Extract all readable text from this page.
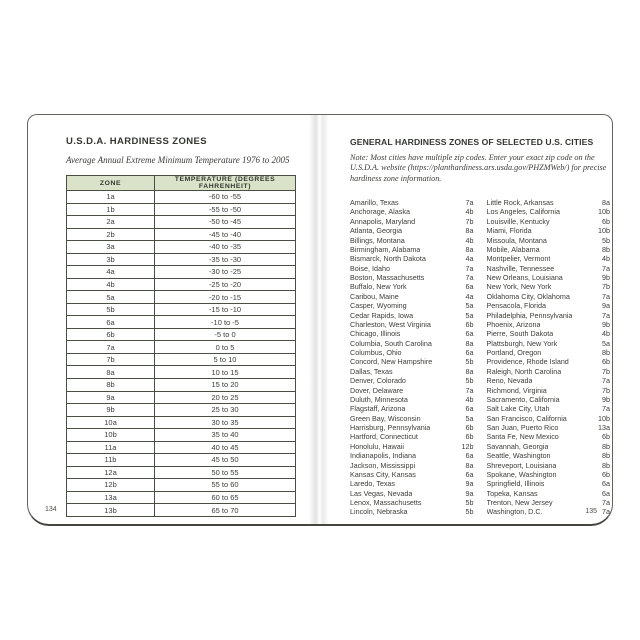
U.S.D.A. HARDINESS ZONES
Average Annual Extreme Minimum Temperature 1976 to 2005
ZONE	TEMPERATURE (DEGREES FAHRENHEIT)
1a	-60 to -55
1b	-55 to -50
2a	-50 to -45
2b	-45 to -40
3a	-40 to -35
3b	-35 to -30
4a	-30 to -25
4b	-25 to -20
5a	-20 to -15
5b	-15 to -10
6a	-10 to -5
6b	-5 to 0
7a	0 to 5
7b	5 to 10
8a	10 to 15
8b	15 to 20
9a	20 to 25
9b	25 to 30
10a	30 to 35
10b	35 to 40
11a	40 to 45
11b	45 to 50
12a	50 to 55
12b	55 to 60
13a	60 to 65
13b	65 to 70
134
GENERAL HARDINESS ZONES OF SELECTED U.S. CITIES
Note: Most cities have multiple zip codes. Enter your exact zip code on the U.S.D.A. website (https://planthardiness.ars.usda.gov/PHZMWeb/) for precise hardiness zone information.
Amarillo, Texas	7a
Anchorage, Alaska	4b
Annapolis, Maryland	7b
Atlanta, Georgia	8a
Billings, Montana	4b
Birmingham, Alabama	8a
Bismarck, North Dakota	4a
Boise, Idaho	7a
Boston, Massachusetts	7a
Buffalo, New York	6a
Caribou, Maine	4a
Casper, Wyoming	5a
Cedar Rapids, Iowa	5a
Charleston, West Virginia	6b
Chicago, Illinois	6a
Columbia, South Carolina	8a
Columbus, Ohio	6a
Concord, New Hampshire	5b
Dallas, Texas	8a
Denver, Colorado	5b
Dover, Delaware	7a
Duluth, Minnesota	4b
Flagstaff, Arizona	6a
Green Bay, Wisconsin	5a
Harrisburg, Pennsylvania	6b
Hartford, Connecticut	6b
Honolulu, Hawaii	12b
Indianapolis, Indiana	6a
Jackson, Mississippi	8a
Kansas City, Kansas	6a
Laredo, Texas	9a
Las Vegas, Nevada	9a
Lenox, Massachusetts	5b
Lincoln, Nebraska	5b
Little Rock, Arkansas	8a
Los Angeles, California	10b
Louisville, Kentucky	6b
Miami, Florida	10b
Missoula, Montana	5b
Mobile, Alabama	8b
Montpelier, Vermont	4b
Nashville, Tennessee	7a
New Orleans, Louisiana	9b
New York, New York	7b
Oklahoma City, Oklahoma	7a
Pensacola, Florida	9a
Philadelphia, Pennsylvania	7a
Phoenix, Arizona	9b
Pierre, South Dakota	4b
Plattsburgh, New York	5a
Portland, Oregon	8b
Providence, Rhode Island	6b
Raleigh, North Carolina	7b
Reno, Nevada	7a
Richmond, Virginia	7b
Sacramento, California	9b
Salt Lake City, Utah	7a
San Francisco, California	10b
San Juan, Puerto Rico	13a
Santa Fe, New Mexico	6b
Savannah, Georgia	8b
Seattle, Washington	8b
Shreveport, Louisiana	8b
Spokane, Washington	6b
Springfield, Illinois	6a
Topeka, Kansas	6a
Trenton, New Jersey	7a
Washington, D.C.	7a
135
